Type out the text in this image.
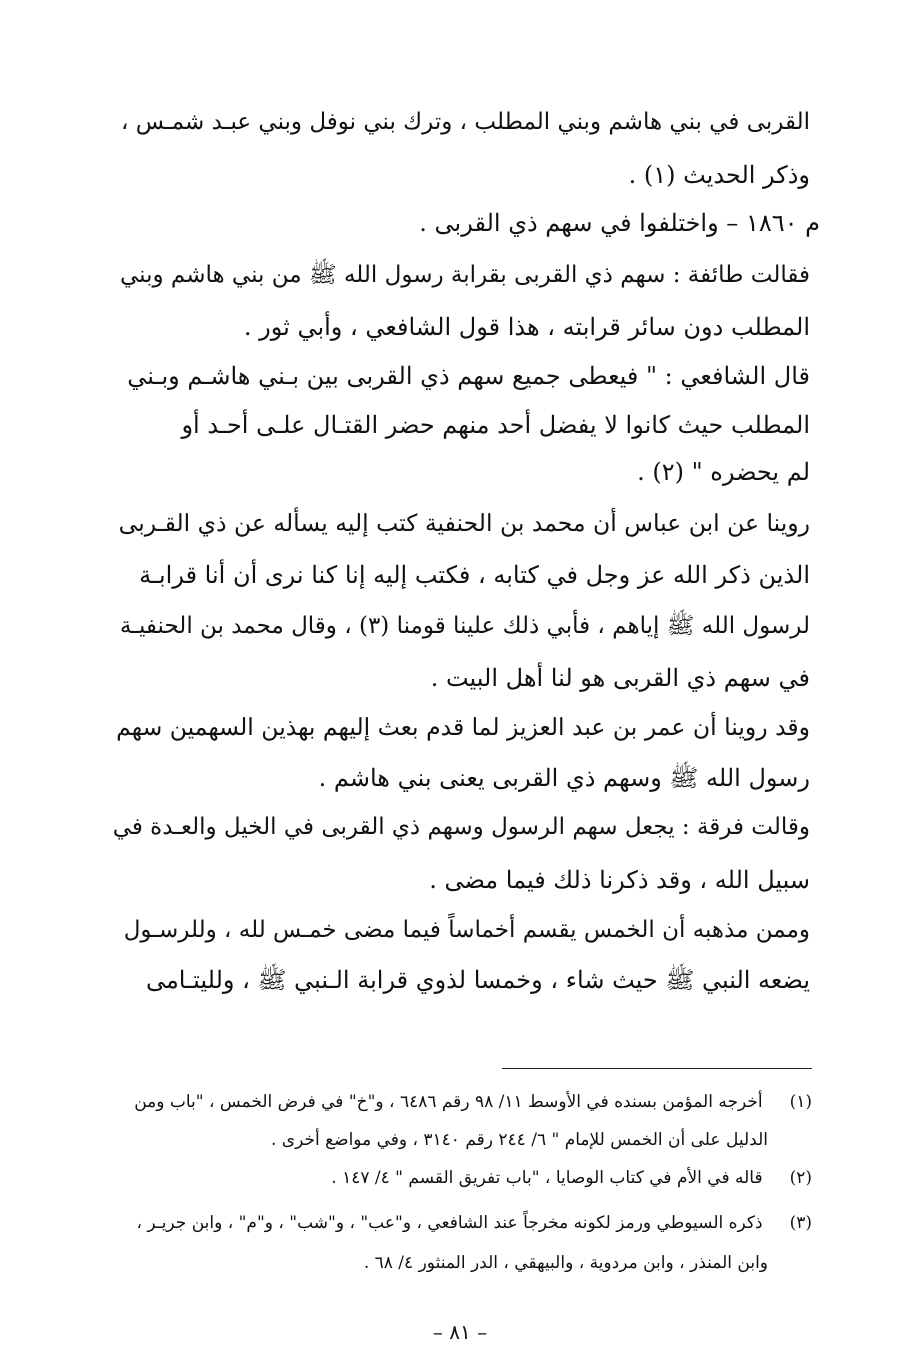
القربى في بني هاشم وبني المطلب ، وترك بني نوفل وبني عبـد شمـس ،
وذكر الحديث (١) .
م ١٨٦٠ – واختلفوا في سهم ذي القربى .
فقالت طائفة : سهم ذي القربى بقرابة رسول الله ﷺ من بني هاشم وبني
المطلب دون سائر قرابته ، هذا قول الشافعي ، وأبي ثور .
قال الشافعي : " فيعطى جميع سهم ذي القربى بين بـني هاشـم وبـني
المطلب حيث كانوا لا يفضل أحد منهم حضر القتـال علـى أحـد أو
لم يحضره " (٢) .
روينا عن ابن عباس أن محمد بن الحنفية كتب إليه يسأله عن ذي القـربى
الذين ذكر الله عز وجل في كتابه ، فكتب إليه إنا كنا نرى أن أنا قرابـة
لرسول الله ﷺ إياهم ، فأبي ذلك علينا قومنا (٣) ، وقال محمد بن الحنفيـة
في سهم ذي القربى هو لنا أهل البيت .
وقد روينا أن عمر بن عبد العزيز لما قدم بعث إليهم بهذين السهمين سهم
رسول الله ﷺ وسهم ذي القربى يعنى بني هاشم .
وقالت فرقة : يجعل سهم الرسول وسهم ذي القربى في الخيل والعـدة في
سبيل الله ، وقد ذكرنا ذلك فيما مضى .
وممن مذهبه أن الخمس يقسم أخماساً فيما مضى خمـس لله ، وللرسـول
يضعه النبي ﷺ حيث شاء ، وخمسا لذوي قرابة الـنبي ﷺ ، ولليتـامى
(١) أخرجه المؤمن بسنده في الأوسط ١١/ ٩٨ رقم ٦٤٨٦ ، و"خ" في فرض الخمس ، "باب ومن
الدليل على أن الخمس للإمام " ٦/ ٢٤٤ رقم ٣١٤٠ ، وفي مواضع أخرى .
(٢) قاله في الأم في كتاب الوصايا ، "باب تفريق القسم " ٤/ ١٤٧ .
(٣) ذكره السيوطي ورمز لكونه مخرجاً عند الشافعي ، و"عب" ، و"شب" ، و"م" ، وابن جريـر ،
وابن المنذر ، وابن مردوية ، والبيهقي ، الدر المنثور ٤/ ٦٨ .
– ٨١ –
